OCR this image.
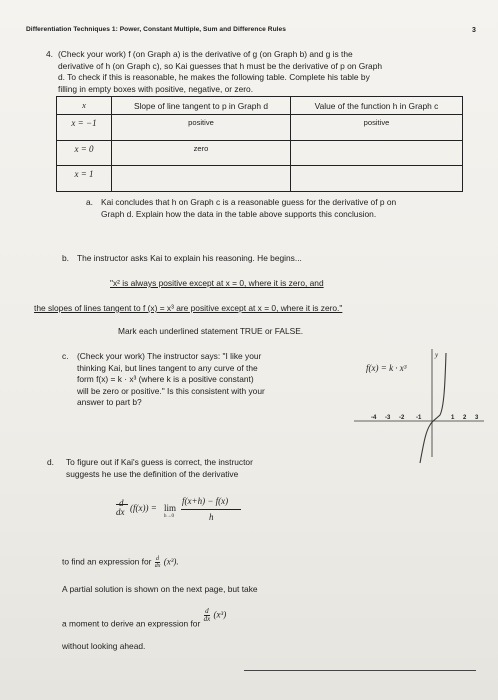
Differentiation Techniques 1: Power, Constant Multiple, Sum and Difference Rules	3
4. (Check your work) f (on Graph a) is the derivative of g (on Graph b) and g is the
derivative of h (on Graph c), so Kai guesses that h must be the derivative of p on Graph
d. To check if this is reasonable, he makes the following table. Complete his table by
filling in empty boxes with positive, negative, or zero.
x	Slope of line tangent to p in Graph d	Value of the function h in Graph c
x = −1	positive	positive
x = 0	zero	
x = 1		
a. Kai concludes that h on Graph c is a reasonable guess for the derivative of p on
Graph d. Explain how the data in the table above supports this conclusion.
b. The instructor asks Kai to explain his reasoning. He begins...
"x² is always positive except at x = 0, where it is zero, and
the slopes of lines tangent to f (x) = x³ are positive except at x = 0, where it is zero."
Mark each underlined statement TRUE or FALSE.
c. (Check your work) The instructor says: "I like your
thinking Kai, but lines tangent to any curve of the
form f(x) = k · x³ (where k is a positive constant)
will be zero or positive." Is this consistent with your
answer to part b?
f(x) = k · x³
y
-4 -3 -2 -1	1 2 3
d. To figure out if Kai's guess is correct, the instructor
suggests he use the definition of the derivative
d
dx (f(x)) = lim
h→0
f(x+h) − f(x)
h
to find an expression for $\frac{d}{dx} (x^3)$.
A partial solution is shown on the next page, but take
a moment to derive an expression for
$\frac{d}{dx} (x^3)$
without looking ahead.
